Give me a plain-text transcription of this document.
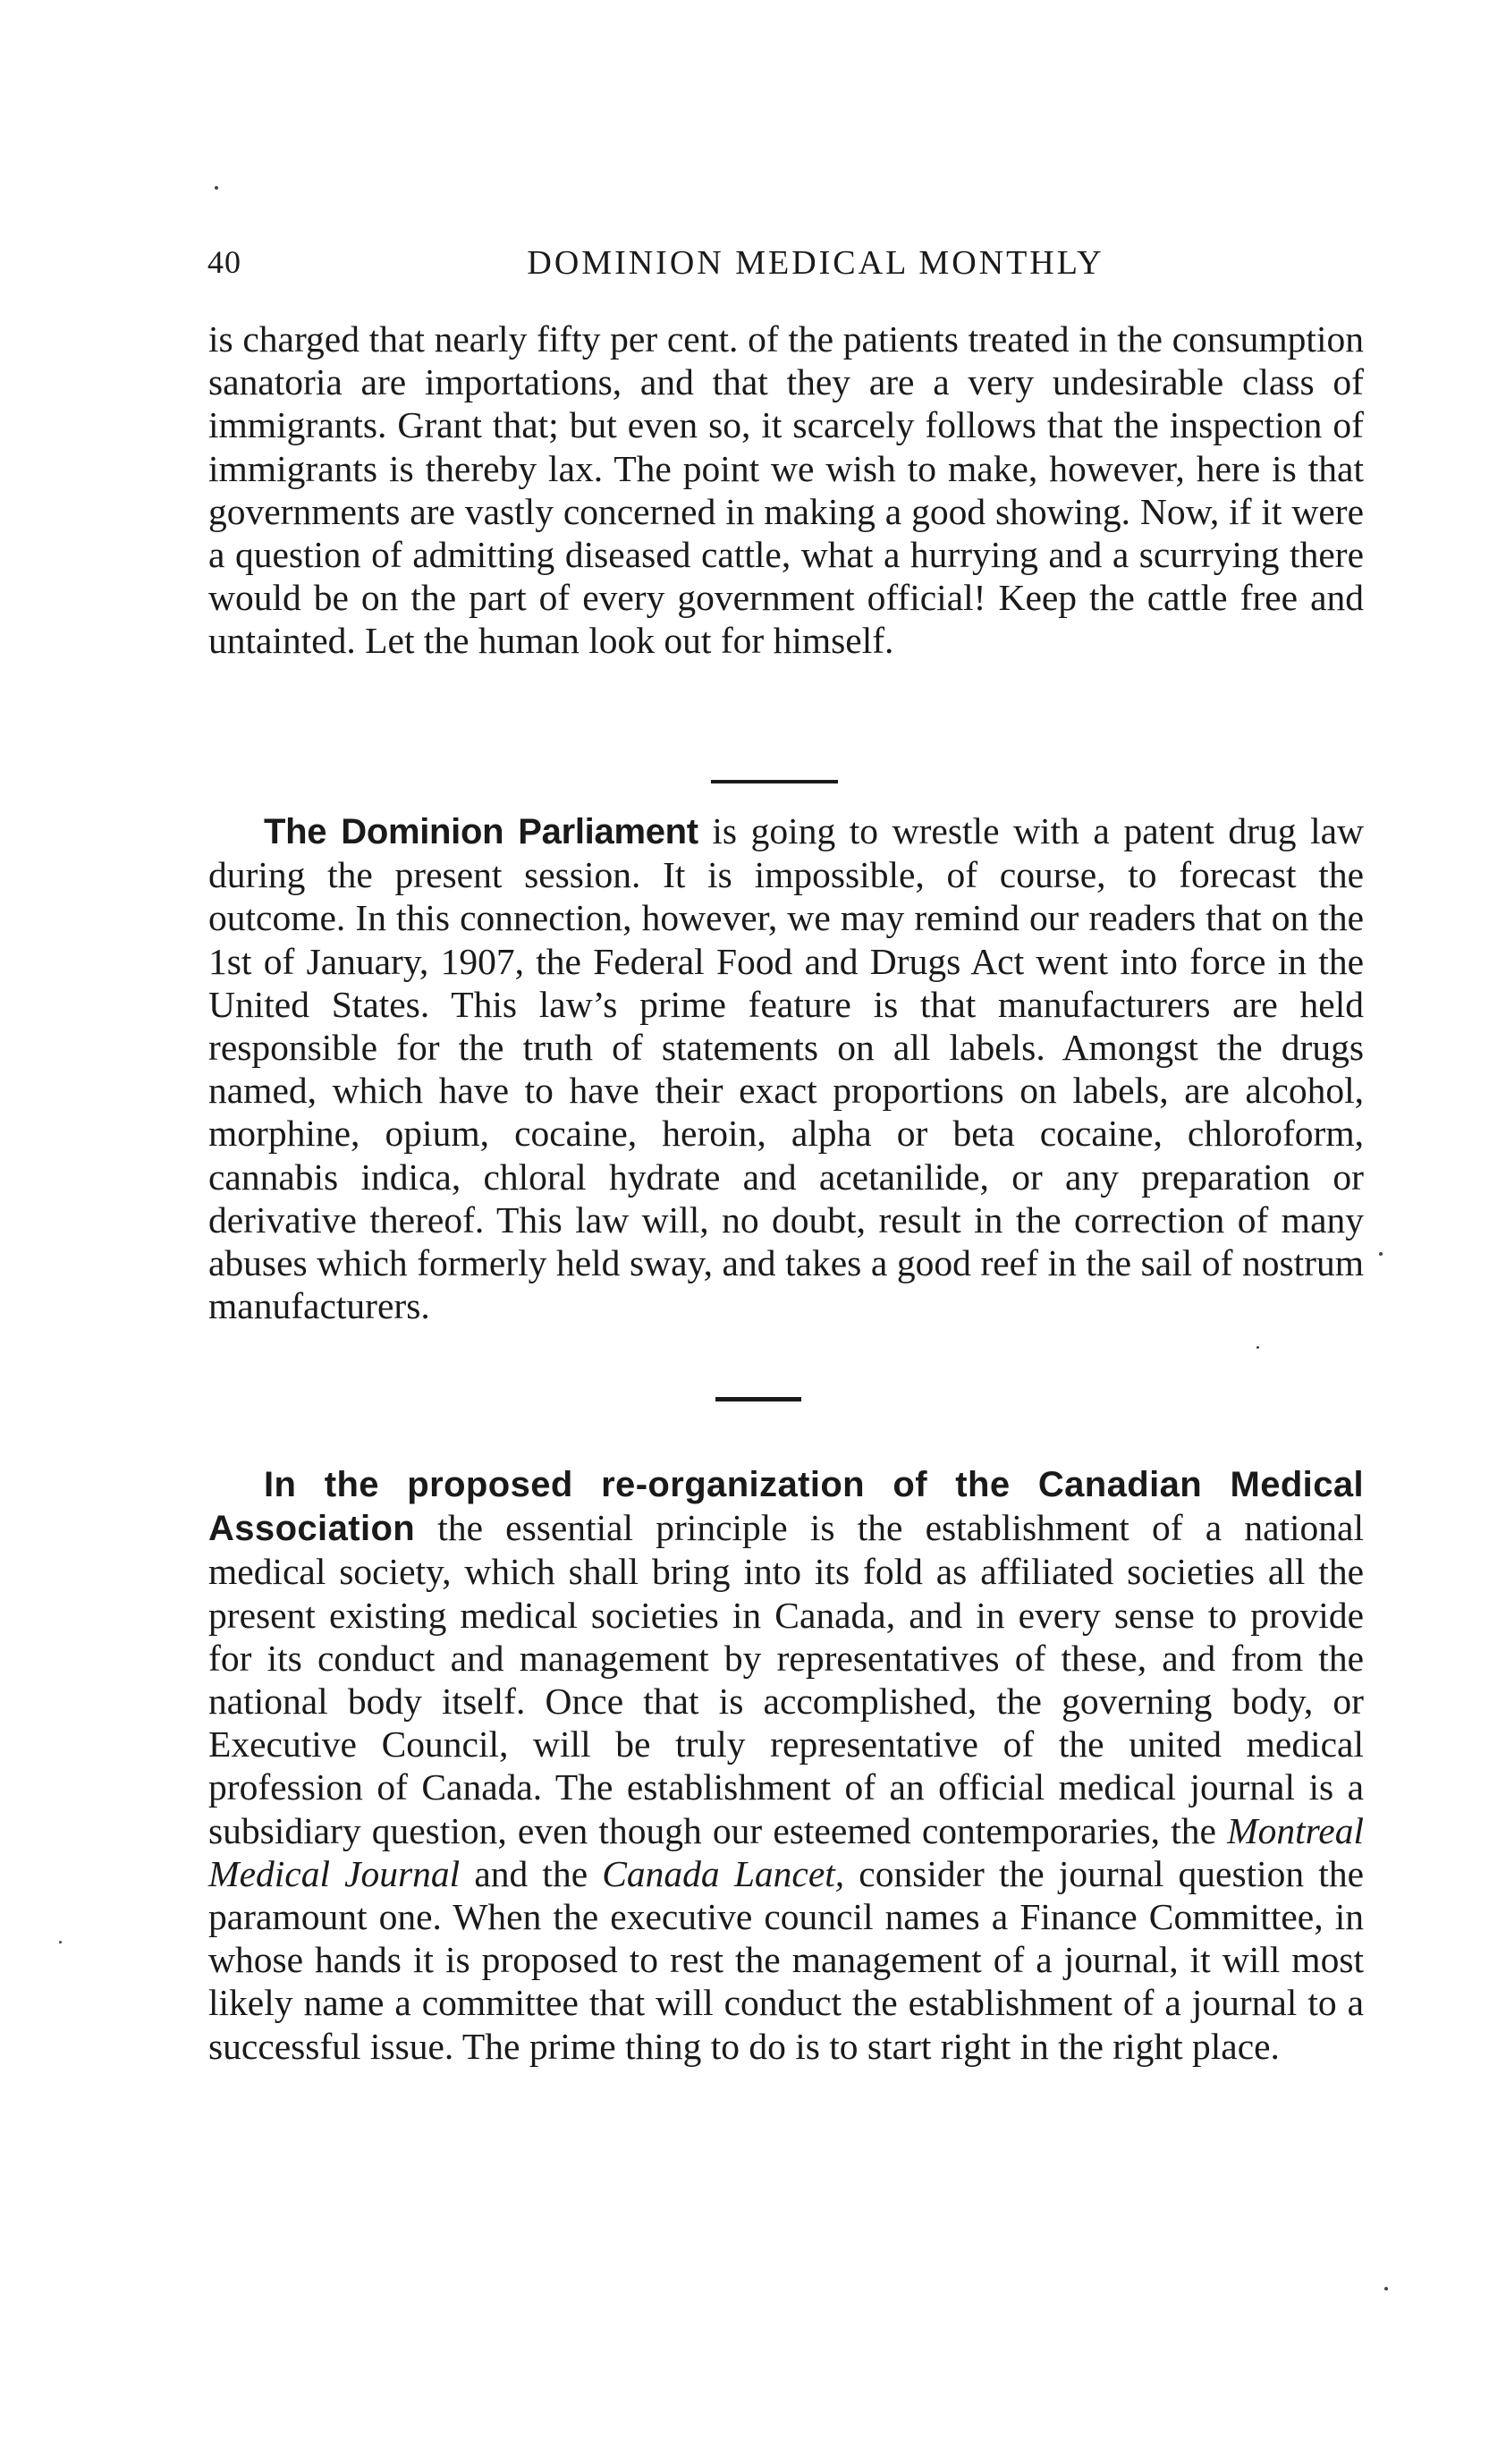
40	DOMINION MEDICAL MONTHLY

is charged that nearly fifty per cent. of the patients treated in the consumption sanatoria are importations, and that they are a very undesirable class of immigrants. Grant that; but even so, it scarcely follows that the inspection of immigrants is thereby lax. The point we wish to make, however, here is that governments are vastly concerned in making a good showing. Now, if it were a question of admitting diseased cattle, what a hurrying and a scurrying there would be on the part of every government official! Keep the cattle free and untainted. Let the human look out for himself.

The Dominion Parliament is going to wrestle with a patent drug law during the present session. It is impossible, of course, to forecast the outcome. In this connection, however, we may remind our readers that on the 1st of January, 1907, the Federal Food and Drugs Act went into force in the United States. This law’s prime feature is that manufacturers are held responsible for the truth of statements on all labels. Amongst the drugs named, which have to have their exact proportions on labels, are alcohol, morphine, opium, cocaine, heroin, alpha or beta cocaine, chloroform, cannabis indica, chloral hydrate and acetanilide, or any preparation or derivative thereof. This law will, no doubt, result in the correction of many abuses which formerly held sway, and takes a good reef in the sail of nostrum manufacturers.

In the proposed re-organization of the Canadian Medical Association the essential principle is the establishment of a national medical society, which shall bring into its fold as affiliated societies all the present existing medical societies in Canada, and in every sense to provide for its conduct and management by representatives of these, and from the national body itself. Once that is accomplished, the governing body, or Executive Council, will be truly representative of the united medical profession of Canada. The establishment of an official medical journal is a subsidiary question, even though our esteemed contemporaries, the Montreal Medical Journal and the Canada Lancet, consider the journal question the paramount one. When the executive council names a Finance Committee, in whose hands it is proposed to rest the management of a journal, it will most likely name a committee that will conduct the establishment of a journal to a successful issue. The prime thing to do is to start right in the right place.
